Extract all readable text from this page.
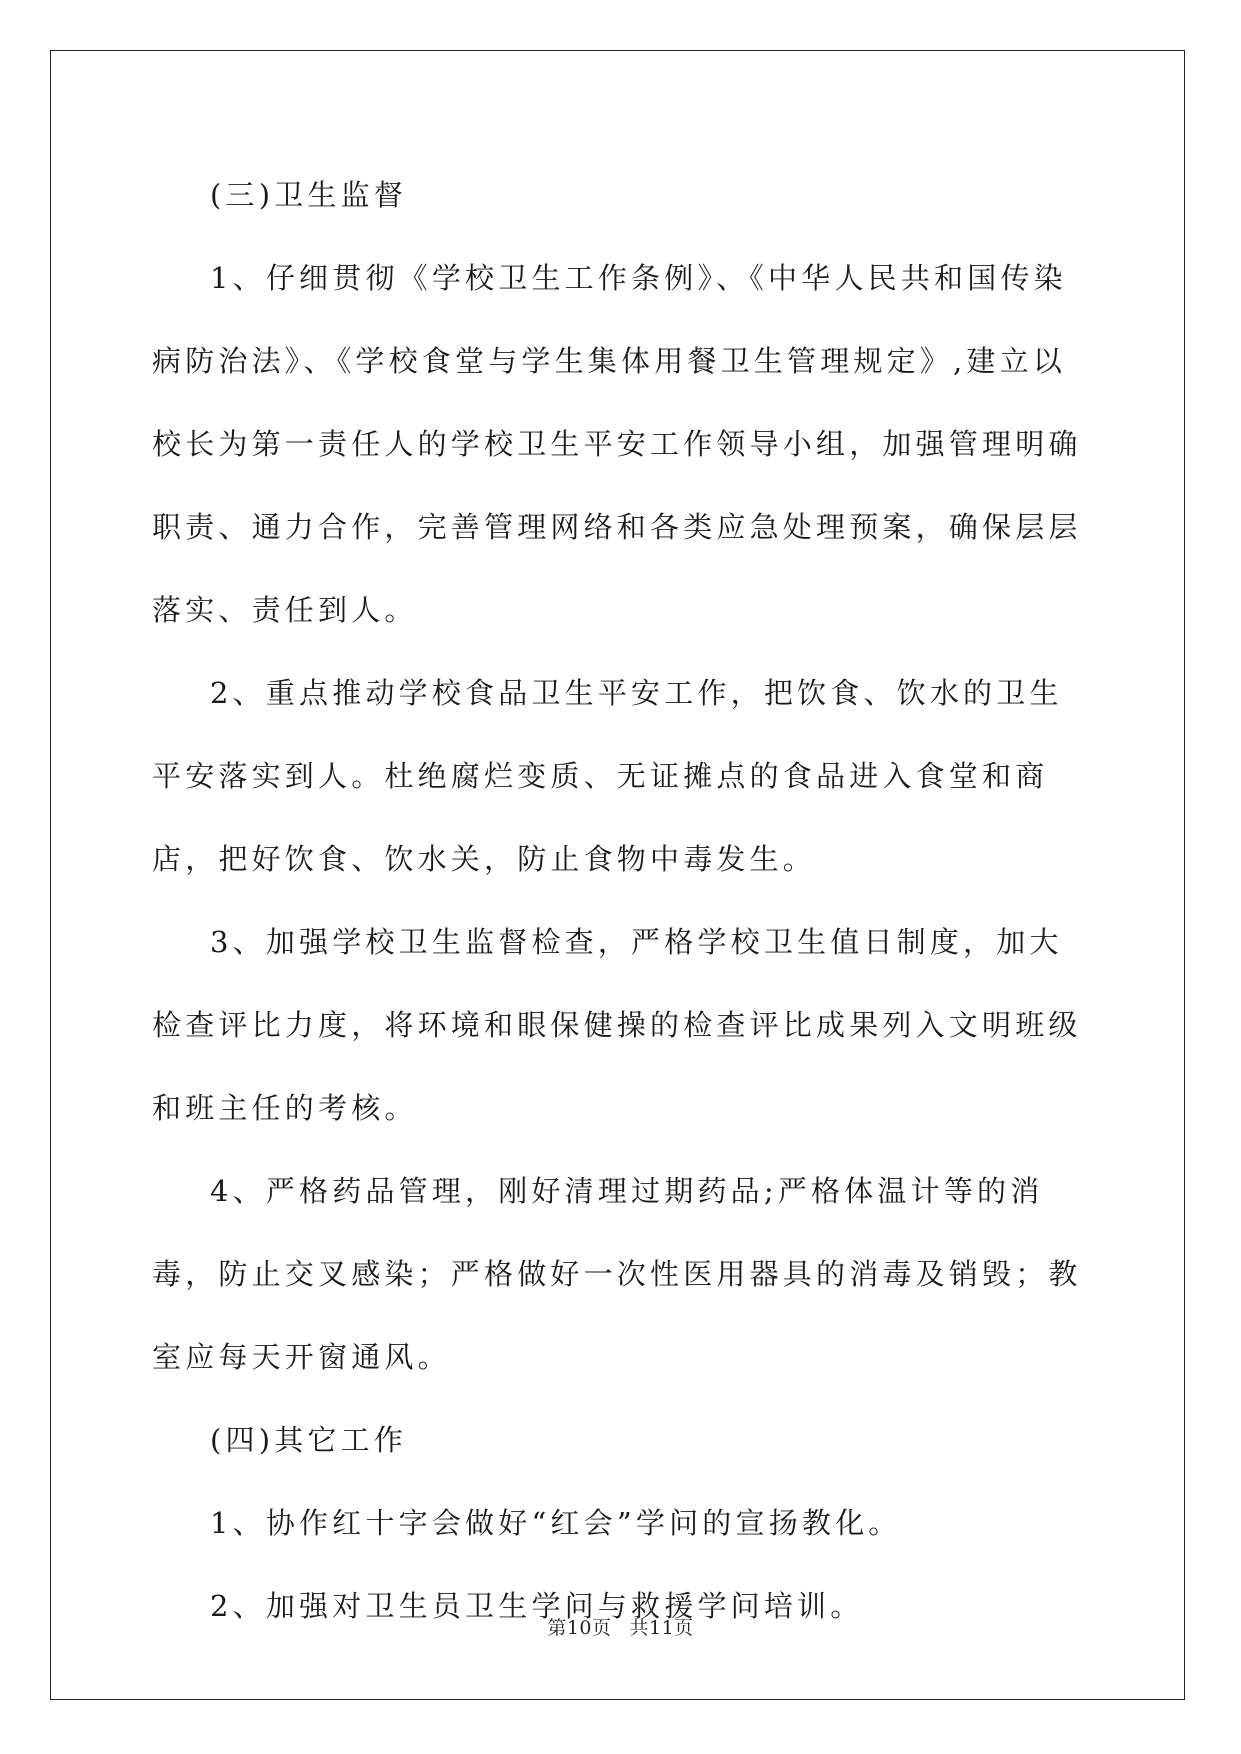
(三)卫生监督

1、仔细贯彻《学校卫生工作条例》、《中华人民共和国传染病防治法》、《学校食堂与学生集体用餐卫生管理规定》,建立以校长为第一责任人的学校卫生平安工作领导小组，加强管理明确职责、通力合作，完善管理网络和各类应急处理预案，确保层层落实、责任到人。

2、重点推动学校食品卫生平安工作，把饮食、饮水的卫生平安落实到人。杜绝腐烂变质、无证摊点的食品进入食堂和商店，把好饮食、饮水关，防止食物中毒发生。

3、加强学校卫生监督检查，严格学校卫生值日制度，加大检查评比力度，将环境和眼保健操的检查评比成果列入文明班级和班主任的考核。

4、严格药品管理，刚好清理过期药品;严格体温计等的消毒，防止交叉感染；严格做好一次性医用器具的消毒及销毁；教室应每天开窗通风。

(四)其它工作

1、协作红十字会做好“红会”学问的宣扬教化。

2、加强对卫生员卫生学问与救援学问培训。

第10页 共11页
